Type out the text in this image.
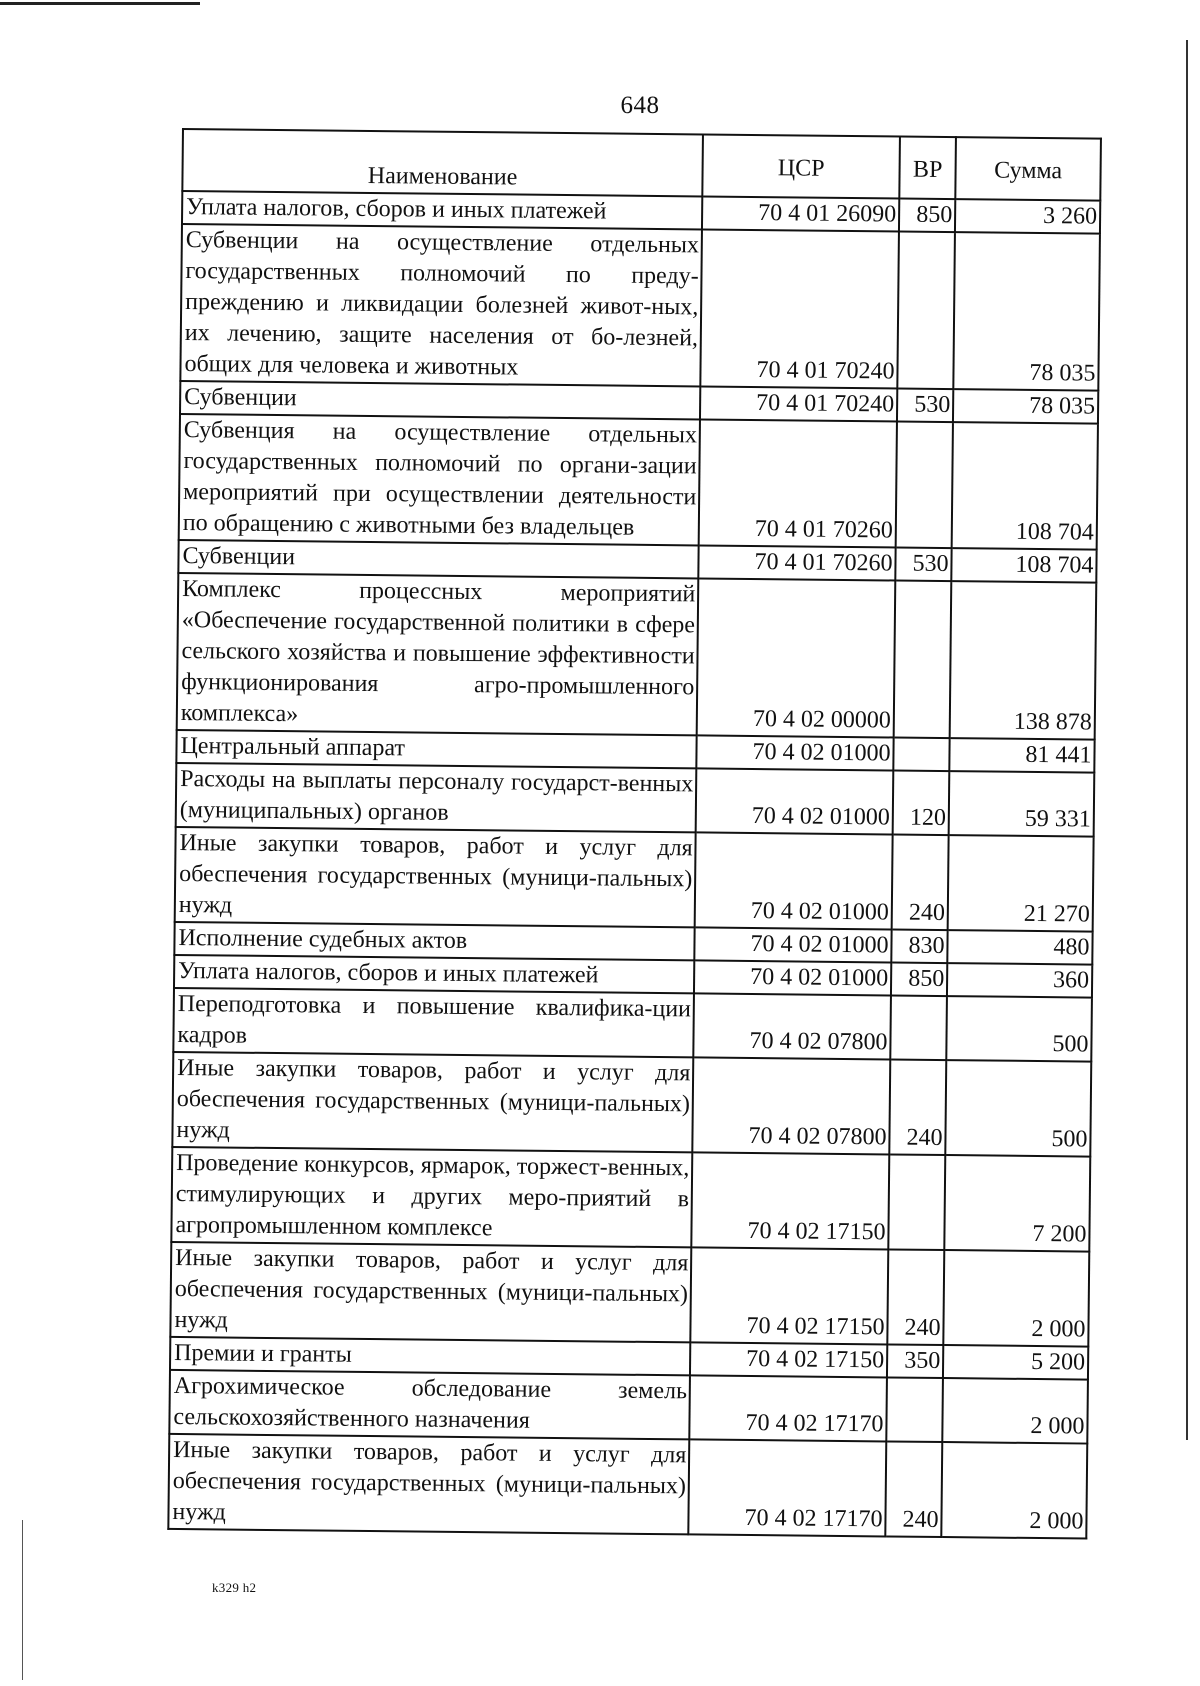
648
Наименование	ЦСР	ВР	Сумма
Уплата налогов, сборов и иных платежей	70 4 01 26090	850	3 260
Субвенции на осуществление отдельных государственных полномочий по преду-преждению и ликвидации болезней живот-ных, их лечению, защите населения от бо-лезней, общих для человека и животных	70 4 01 70240		78 035
Субвенции	70 4 01 70240	530	78 035
Субвенция на осуществление отдельных государственных полномочий по органи-зации мероприятий при осуществлении деятельности по обращению с животными без владельцев	70 4 01 70260		108 704
Субвенции	70 4 01 70260	530	108 704
Комплекс процессных мероприятий «Обеспечение государственной политики в сфере сельского хозяйства и повышение эффективности функционирования агро-промышленного комплекса»	70 4 02 00000		138 878
Центральный аппарат	70 4 02 01000		81 441
Расходы на выплаты персоналу государст-венных (муниципальных) органов	70 4 02 01000	120	59 331
Иные закупки товаров, работ и услуг для обеспечения государственных (муници-пальных) нужд	70 4 02 01000	240	21 270
Исполнение судебных актов	70 4 02 01000	830	480
Уплата налогов, сборов и иных платежей	70 4 02 01000	850	360
Переподготовка и повышение квалифика-ции кадров	70 4 02 07800		500
Иные закупки товаров, работ и услуг для обеспечения государственных (муници-пальных) нужд	70 4 02 07800	240	500
Проведение конкурсов, ярмарок, торжест-венных, стимулирующих и других меро-приятий в агропромышленном комплексе	70 4 02 17150		7 200
Иные закупки товаров, работ и услуг для обеспечения государственных (муници-пальных) нужд	70 4 02 17150	240	2 000
Премии и гранты	70 4 02 17150	350	5 200
Агрохимическое обследование земель сельскохозяйственного назначения	70 4 02 17170		2 000
Иные закупки товаров, работ и услуг для обеспечения государственных (муници-пальных) нужд	70 4 02 17170	240	2 000
k329 h2
